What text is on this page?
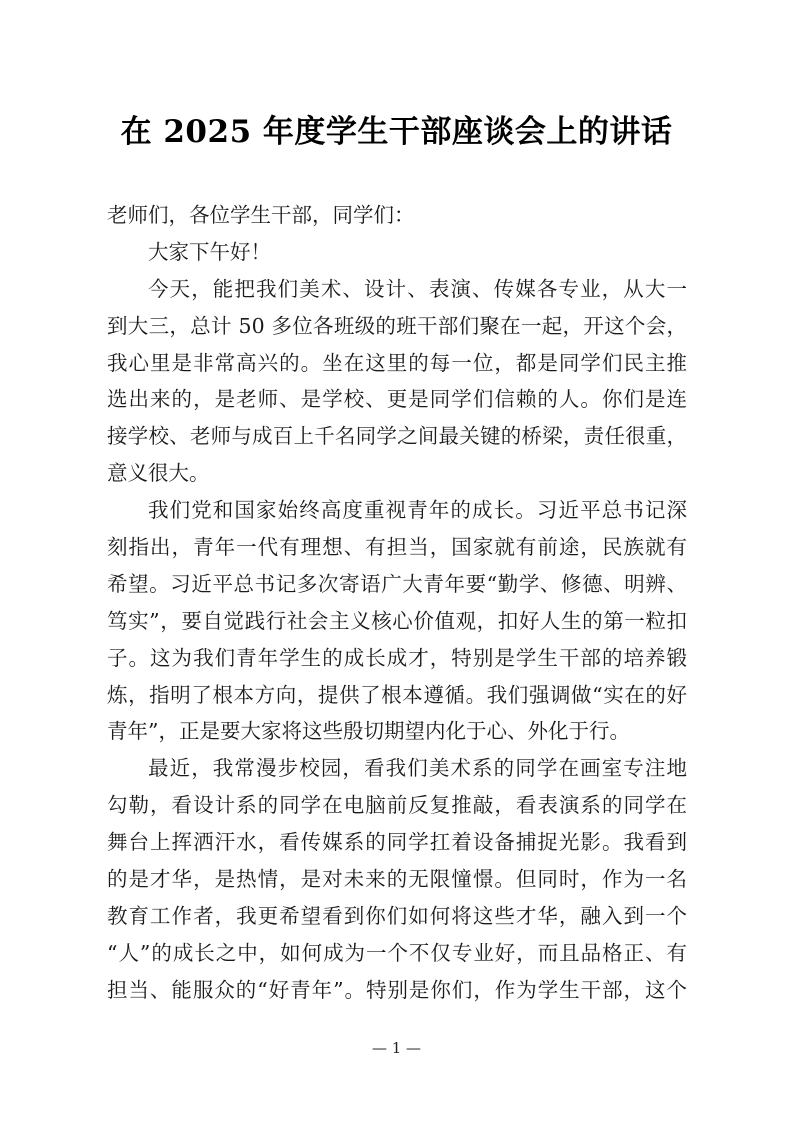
在 2025 年度学生干部座谈会上的讲话
老师们，各位学生干部，同学们：
大家下午好！
今天，能把我们美术、设计、表演、传媒各专业，从大一
到大三，总计 50 多位各班级的班干部们聚在一起，开这个会，
我心里是非常高兴的。坐在这里的每一位，都是同学们民主推
选出来的，是老师、是学校、更是同学们信赖的人。你们是连
接学校、老师与成百上千名同学之间最关键的桥梁，责任很重，
意义很大。
我们党和国家始终高度重视青年的成长。习近平总书记深
刻指出，青年一代有理想、有担当，国家就有前途，民族就有
希望。习近平总书记多次寄语广大青年要“勤学、修德、明辨、
笃实”，要自觉践行社会主义核心价值观，扣好人生的第一粒扣
子。这为我们青年学生的成长成才，特别是学生干部的培养锻
炼，指明了根本方向，提供了根本遵循。我们强调做“实在的好
青年”，正是要大家将这些殷切期望内化于心、外化于行。
最近，我常漫步校园，看我们美术系的同学在画室专注地
勾勒，看设计系的同学在电脑前反复推敲，看表演系的同学在
舞台上挥洒汗水，看传媒系的同学扛着设备捕捉光影。我看到
的是才华，是热情，是对未来的无限憧憬。但同时，作为一名
教育工作者，我更希望看到你们如何将这些才华，融入到一个
“人”的成长之中，如何成为一个不仅专业好，而且品格正、有
担当、能服众的“好青年”。特别是你们，作为学生干部，这个
— 1 —
